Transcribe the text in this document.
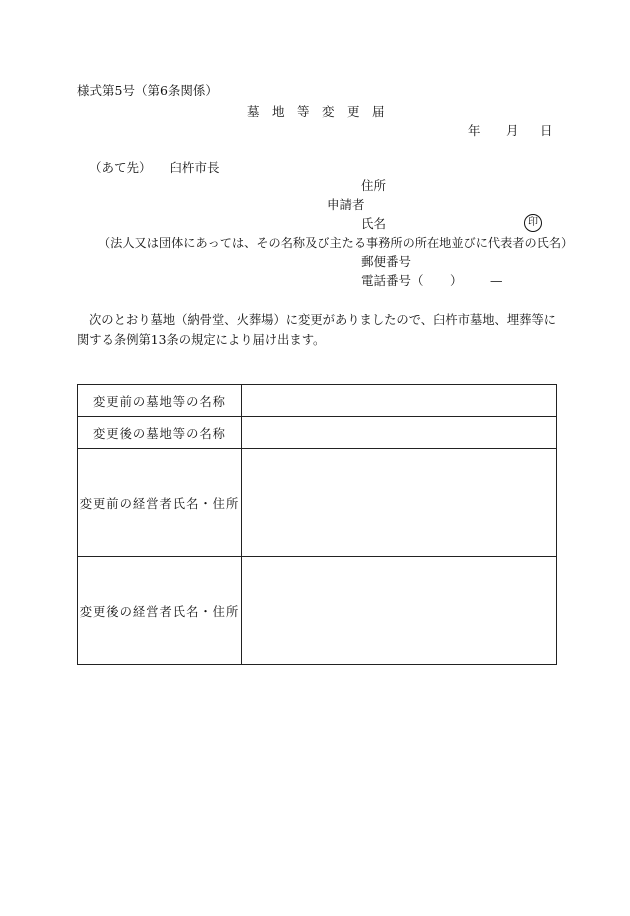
様式第5号（第6条関係）
墓地等変更届
年	月	日
（あて先） 臼杵市長
住所
申請者
氏名	印
（法人又は団体にあっては、その名称及び主たる事務所の所在地並びに代表者の氏名）
郵便番号
電話番号（ ） —
次のとおり墓地（納骨堂、火葬場）に変更がありましたので、臼杵市墓地、埋葬等に関する条例第13条の規定により届け出ます。
変更前の墓地等の名称	
変更後の墓地等の名称	
変更前の経営者氏名・住所	
変更後の経営者氏名・住所	
